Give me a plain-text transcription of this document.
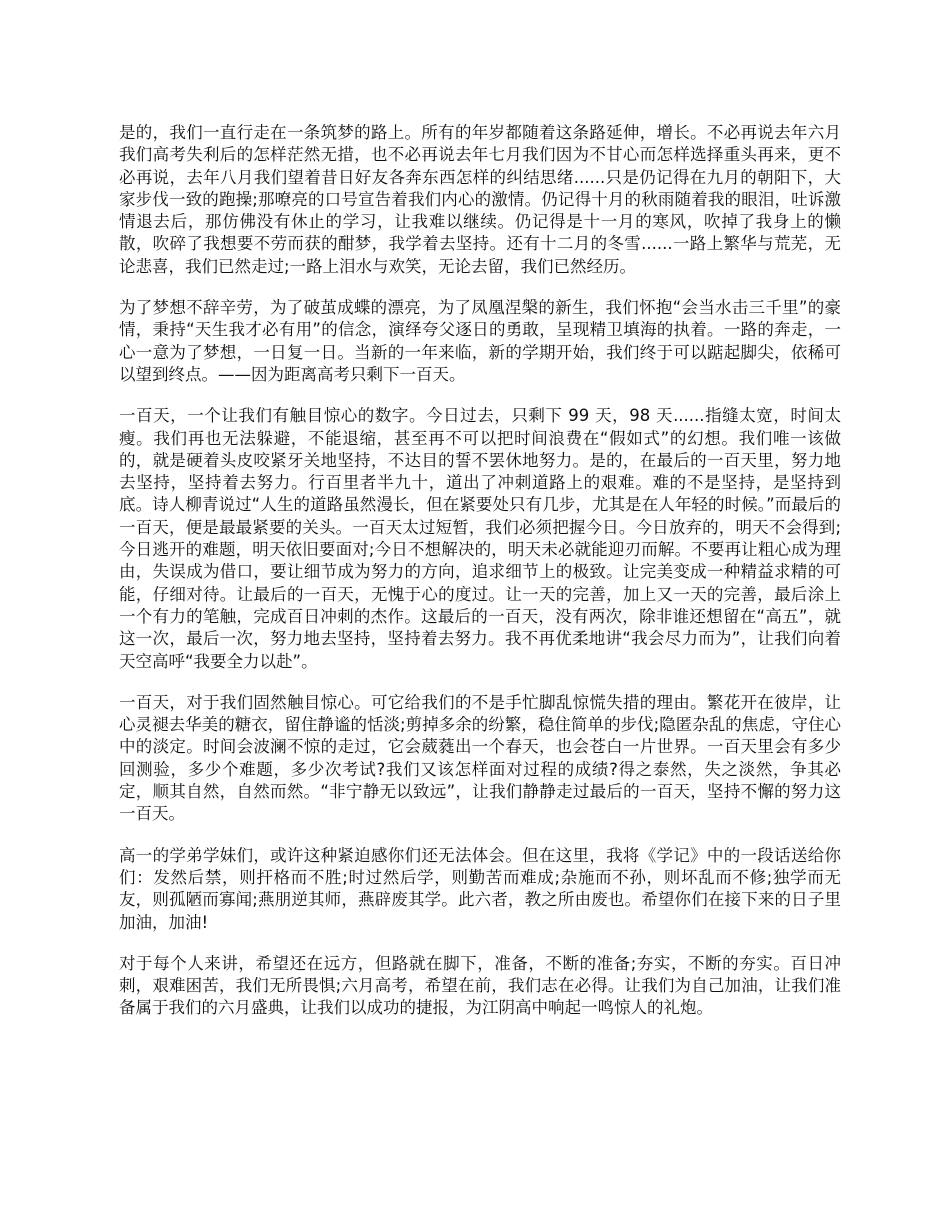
是的，我们一直行走在一条筑梦的路上。所有的年岁都随着这条路延伸，增长。不必再说去年六月我们高考失利后的怎样茫然无措，也不必再说去年七月我们因为不甘心而怎样选择重头再来，更不必再说，去年八月我们望着昔日好友各奔东西怎样的纠结思绪......只是仍记得在九月的朝阳下，大家步伐一致的跑操;那嘹亮的口号宣告着我们内心的激情。仍记得十月的秋雨随着我的眼泪，吐诉激情退去后，那仿佛没有休止的学习，让我难以继续。仍记得是十一月的寒风，吹掉了我身上的懒散，吹碎了我想要不劳而获的酣梦，我学着去坚持。还有十二月的冬雪......一路上繁华与荒芜，无论悲喜，我们已然走过;一路上泪水与欢笑，无论去留，我们已然经历。

为了梦想不辞辛劳，为了破茧成蝶的漂亮，为了凤凰涅槃的新生，我们怀抱“会当水击三千里”的豪情，秉持“天生我才必有用”的信念，演绎夸父逐日的勇敢，呈现精卫填海的执着。一路的奔走，一心一意为了梦想，一日复一日。当新的一年来临，新的学期开始，我们终于可以踮起脚尖，依稀可以望到终点。——因为距离高考只剩下一百天。

一百天，一个让我们有触目惊心的数字。今日过去，只剩下 99 天，98 天......指缝太宽，时间太瘦。我们再也无法躲避，不能退缩，甚至再不可以把时间浪费在“假如式”的幻想。我们唯一该做的，就是硬着头皮咬紧牙关地坚持，不达目的誓不罢休地努力。是的，在最后的一百天里，努力地去坚持，坚持着去努力。行百里者半九十，道出了冲刺道路上的艰难。难的不是坚持，是坚持到底。诗人柳青说过“人生的道路虽然漫长，但在紧要处只有几步，尤其是在人年轻的时候。”而最后的一百天，便是最最紧要的关头。一百天太过短暂，我们必须把握今日。今日放弃的，明天不会得到;今日逃开的难题，明天依旧要面对;今日不想解决的，明天未必就能迎刃而解。不要再让粗心成为理由，失误成为借口，要让细节成为努力的方向，追求细节上的极致。让完美变成一种精益求精的可能，仔细对待。让最后的一百天，无愧于心的度过。让一天的完善，加上又一天的完善，最后涂上一个有力的笔触，完成百日冲刺的杰作。这最后的一百天，没有两次，除非谁还想留在“高五”，就这一次，最后一次，努力地去坚持，坚持着去努力。我不再优柔地讲“我会尽力而为”，让我们向着天空高呼“我要全力以赴”。

一百天，对于我们固然触目惊心。可它给我们的不是手忙脚乱惊慌失措的理由。繁花开在彼岸，让心灵褪去华美的糖衣，留住静谧的恬淡;剪掉多余的纷繁，稳住简单的步伐;隐匿杂乱的焦虑，守住心中的淡定。时间会波澜不惊的走过，它会葳蕤出一个春天，也会苍白一片世界。一百天里会有多少回测验，多少个难题，多少次考试?我们又该怎样面对过程的成绩?得之泰然，失之淡然，争其必定，顺其自然，自然而然。“非宁静无以致远”，让我们静静走过最后的一百天，坚持不懈的努力这一百天。

高一的学弟学妹们，或许这种紧迫感你们还无法体会。但在这里，我将《学记》中的一段话送给你们：发然后禁，则扞格而不胜;时过然后学，则勤苦而难成;杂施而不孙，则坏乱而不修;独学而无友，则孤陋而寡闻;燕朋逆其师，燕辟废其学。此六者，教之所由废也。希望你们在接下来的日子里加油，加油!

对于每个人来讲，希望还在远方，但路就在脚下，准备，不断的准备;夯实，不断的夯实。百日冲刺，艰难困苦，我们无所畏惧;六月高考，希望在前，我们志在必得。让我们为自己加油，让我们准备属于我们的六月盛典，让我们以成功的捷报，为江阴高中响起一鸣惊人的礼炮。
